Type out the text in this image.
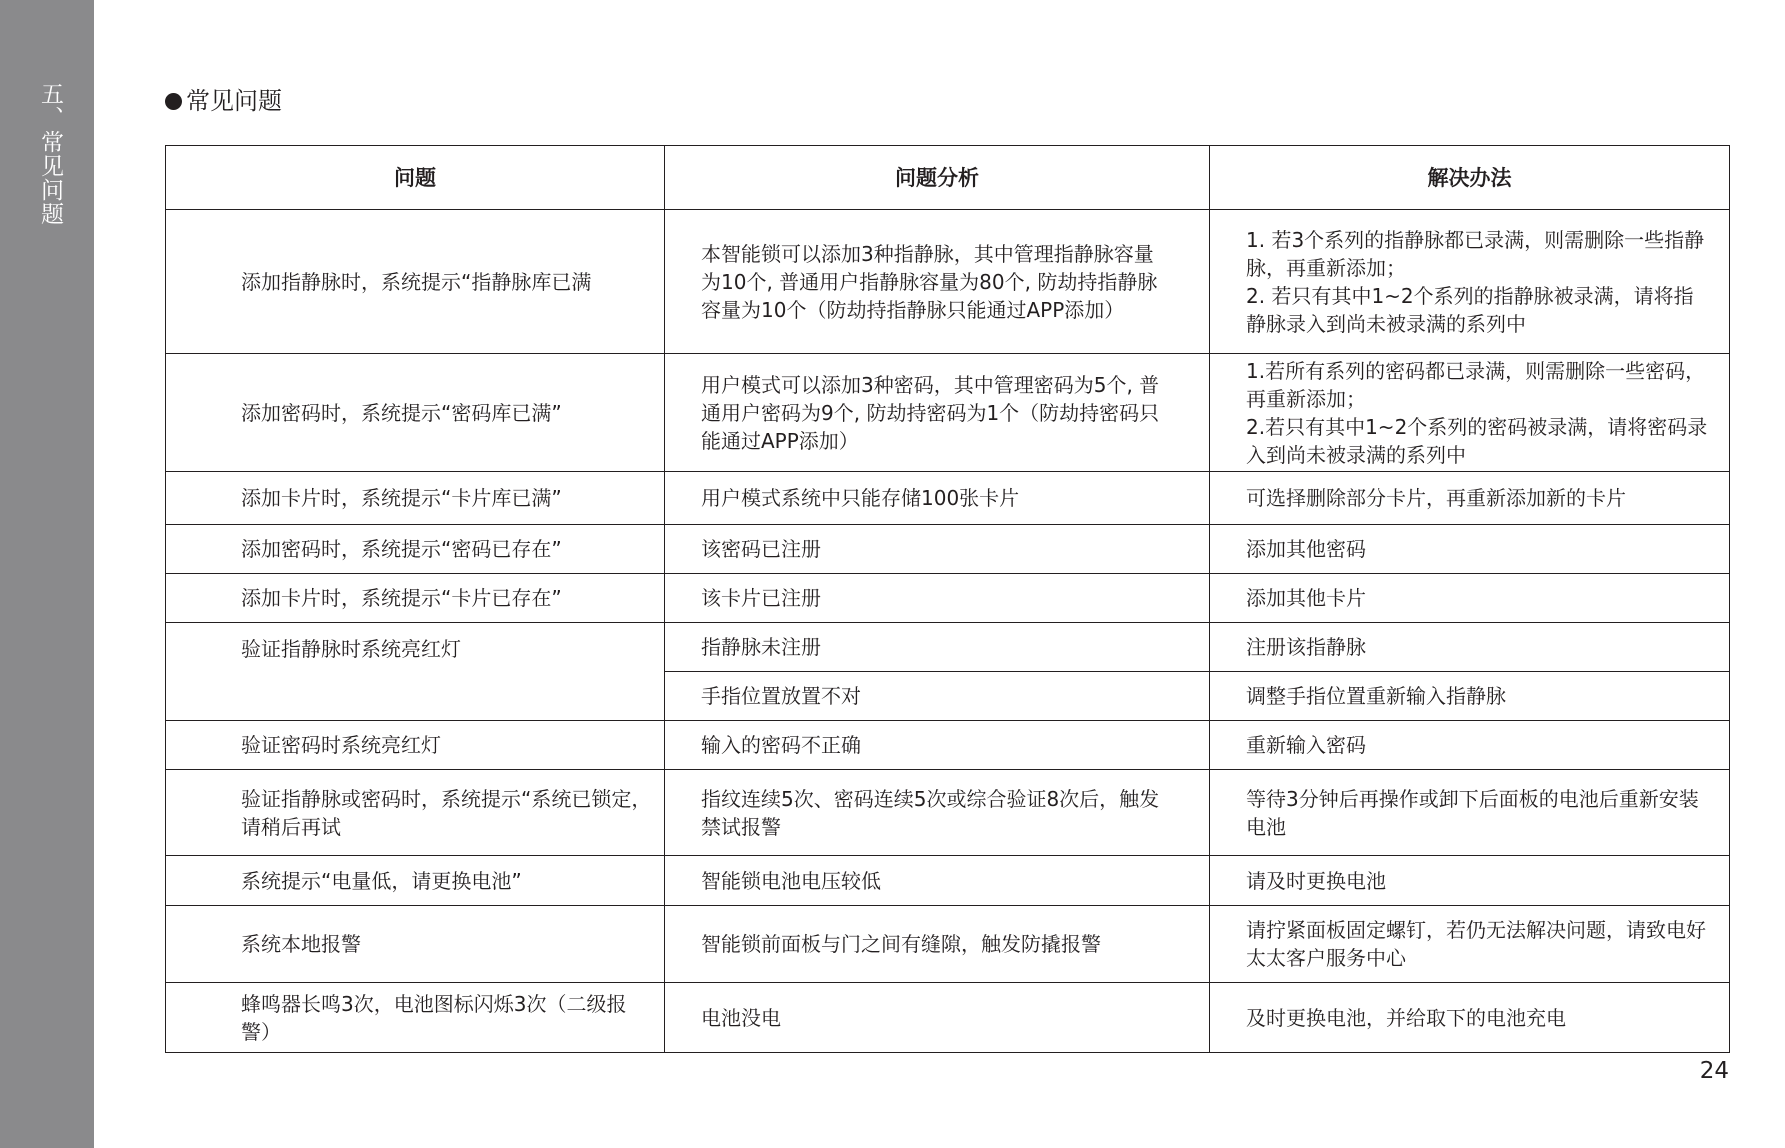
五、常见问题	常见问题
问题	问题分析	解决办法
添加指静脉时，系统提示“指静脉库已满	本智能锁可以添加3种指静脉，其中管理指静脉容量为10个, 普通用户指静脉容量为80个, 防劫持指静脉容量为10个（防劫持指静脉只能通过APP添加）	1. 若3个系列的指静脉都已录满，则需删除一些指静脉，再重新添加；
2. 若只有其中1~2个系列的指静脉被录满，请将指静脉录入到尚未被录满的系列中
添加密码时，系统提示“密码库已满”	用户模式可以添加3种密码，其中管理密码为5个, 普通用户密码为9个, 防劫持密码为1个（防劫持密码只能通过APP添加）	1.若所有系列的密码都已录满，则需删除一些密码，再重新添加；
2.若只有其中1~2个系列的密码被录满，请将密码录入到尚未被录满的系列中
添加卡片时，系统提示“卡片库已满”	用户模式系统中只能存储100张卡片	可选择删除部分卡片，再重新添加新的卡片
添加密码时，系统提示“密码已存在”	该密码已注册	添加其他密码
添加卡片时，系统提示“卡片已存在”	该卡片已注册	添加其他卡片
验证指静脉时系统亮红灯	指静脉未注册	注册该指静脉
	手指位置放置不对	调整手指位置重新输入指静脉
验证密码时系统亮红灯	输入的密码不正确	重新输入密码
验证指静脉或密码时，系统提示“系统已锁定，请稍后再试	指纹连续5次、密码连续5次或综合验证8次后，触发禁试报警	等待3分钟后再操作或卸下后面板的电池后重新安装电池
系统提示“电量低，请更换电池”	智能锁电池电压较低	请及时更换电池
系统本地报警	智能锁前面板与门之间有缝隙，触发防撬报警	请拧紧面板固定螺钉，若仍无法解决问题，请致电好太太客户服务中心
蜂鸣器长鸣3次，电池图标闪烁3次（二级报警）	电池没电	及时更换电池，并给取下的电池充电
24
